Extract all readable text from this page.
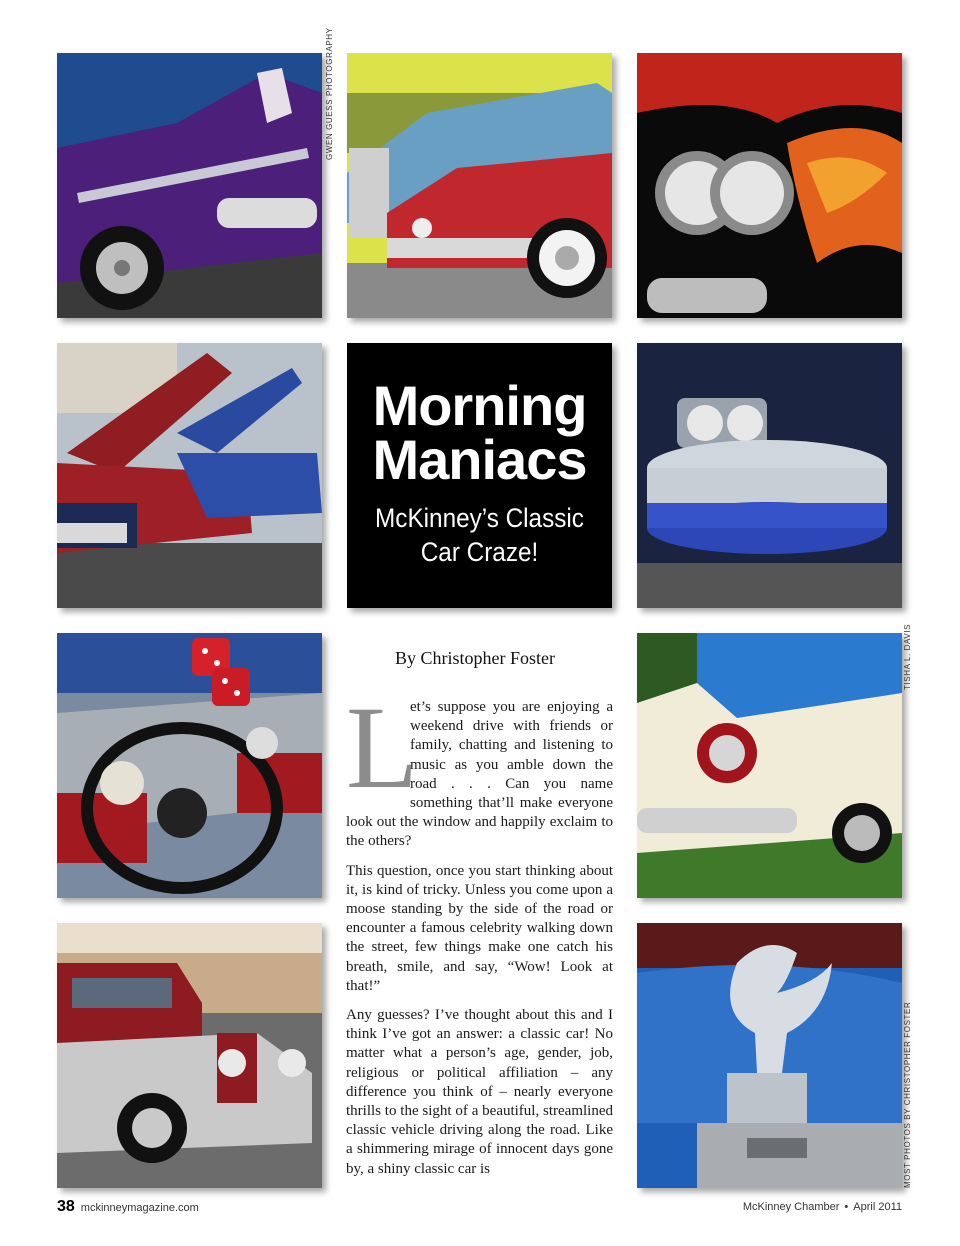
GWEN GUESS PHOTOGRAPHY
Morning
Maniacs
McKinney’s Classic
Car Craze!
By Christopher Foster

L
et’s suppose you are enjoying a weekend drive with friends or family, chatting and listening to music as you amble down the road . . . Can you name something that’ll make everyone look out the window and happily exclaim to the others?

This question, once you start thinking about it, is kind of tricky. Unless you come upon a moose standing by the side of the road or encounter a famous celebrity walking down the street, few things make one catch his breath, smile, and say, “Wow! Look at that!”

Any guesses? I’ve thought about this and I think I’ve got an answer: a classic car! No matter what a person’s age, gender, job, religious or political affiliation – any difference you think of – nearly everyone thrills to the sight of a beautiful, streamlined classic vehicle driving along the road. Like a shimmering mirage of innocent days gone by, a shiny classic car is

TISHA L. DAVIS
MOST PHOTOS BY CHRISTOPHER FOSTER
38 mckinneymagazine.com	McKinney Chamber • April 2011
